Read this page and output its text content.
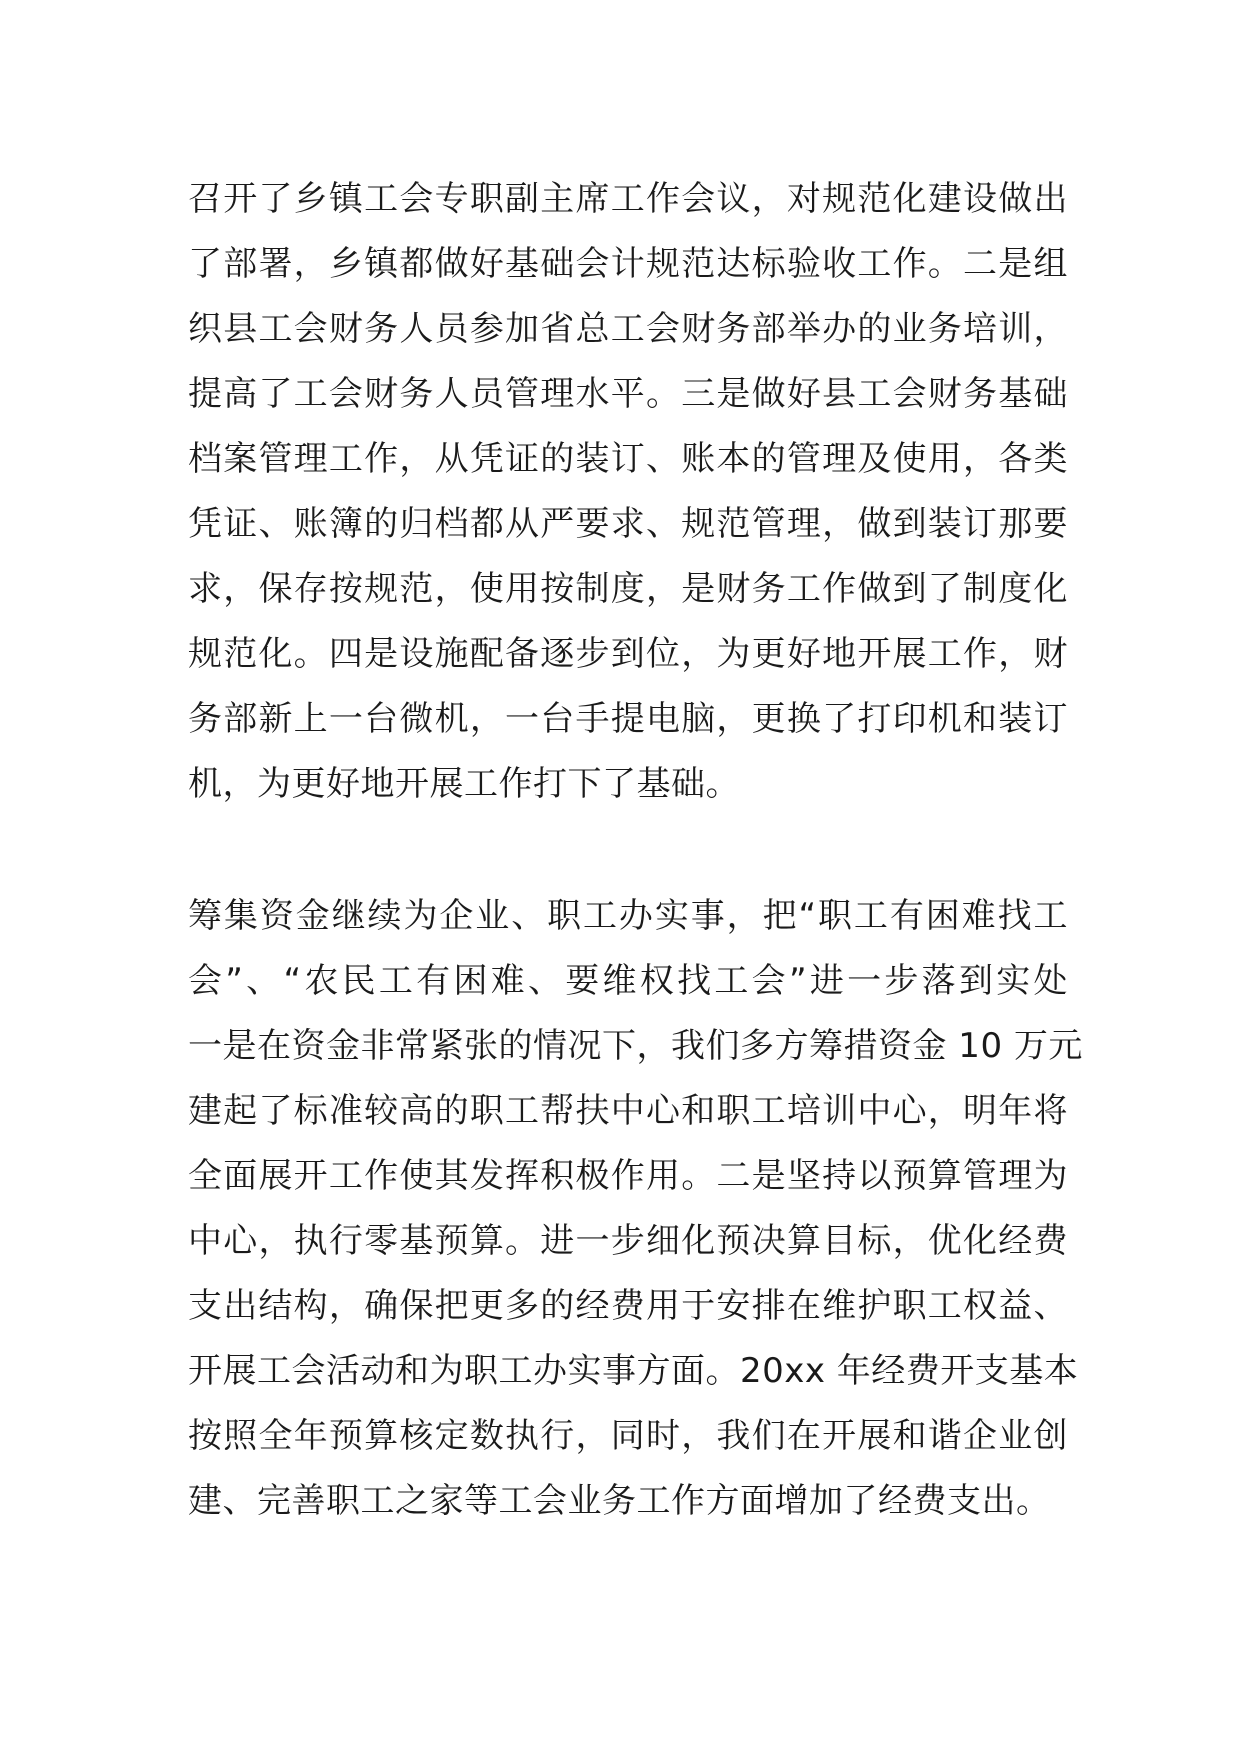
召开了乡镇工会专职副主席工作会议，对规范化建设做出
了部署，乡镇都做好基础会计规范达标验收工作。二是组
织县工会财务人员参加省总工会财务部举办的业务培训，
提高了工会财务人员管理水平。三是做好县工会财务基础
档案管理工作，从凭证的装订、账本的管理及使用，各类
凭证、账簿的归档都从严要求、规范管理，做到装订那要
求，保存按规范，使用按制度，是财务工作做到了制度化
规范化。四是设施配备逐步到位，为更好地开展工作，财
务部新上一台微机，一台手提电脑，更换了打印机和装订
机，为更好地开展工作打下了基础。

筹集资金继续为企业、职工办实事，把“职工有困难找工
会”、“农民工有困难、要维权找工会”进一步落到实处
一是在资金非常紧张的情况下，我们多方筹措资金 10 万元
建起了标准较高的职工帮扶中心和职工培训中心，明年将
全面展开工作使其发挥积极作用。二是坚持以预算管理为
中心，执行零基预算。进一步细化预决算目标，优化经费
支出结构，确保把更多的经费用于安排在维护职工权益、
开展工会活动和为职工办实事方面。20xx 年经费开支基本
按照全年预算核定数执行，同时，我们在开展和谐企业创
建、完善职工之家等工会业务工作方面增加了经费支出。
